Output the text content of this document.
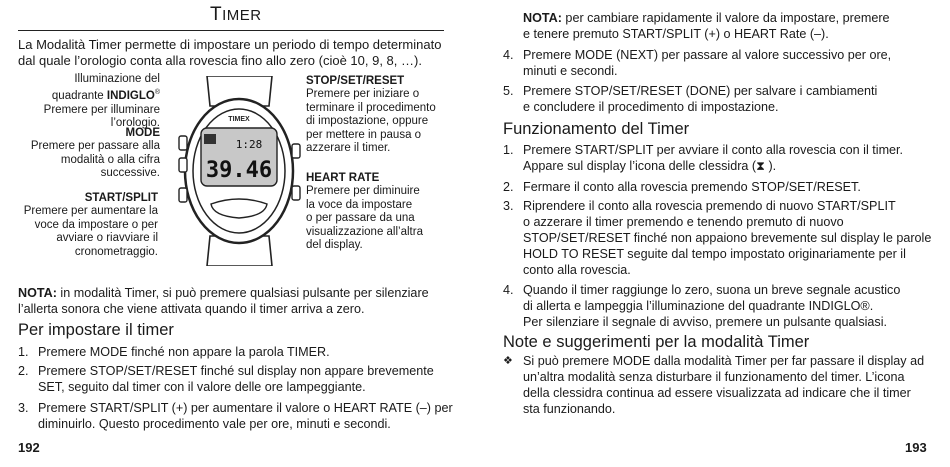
TIMER
La Modalità Timer permette di impostare un periodo di tempo determinato
dal quale l’orologio conta alla rovescia fino allo zero (cioè 10, 9, 8, …).
Illuminazione del
quadrante INDIGLO®
Premere per illuminare
l’orologio.
MODE
Premere per passare alla
modalità o alla cifra
successive.
START/SPLIT
Premere per aumentare la
voce da impostare o per
avviare o riavviare il
cronometraggio.
STOP/SET/RESET
Premere per iniziare o
terminare il procedimento
di impostazione, oppure
per mettere in pausa o
azzerare il timer.
HEART RATE
Premere per diminuire
la voce da impostare
o per passare da una
visualizzazione all’altra
del display.
TIMEX
1:28
39.46
NOTA: in modalità Timer, si può premere qualsiasi pulsante per silenziare
l’allerta sonora che viene attivata quando il timer arriva a zero.
Per impostare il timer
1. Premere MODE finché non appare la parola TIMER.
2. Premere STOP/SET/RESET finché sul display non appare brevemente
SET, seguito dal timer con il valore delle ore lampeggiante.
3. Premere START/SPLIT (+) per aumentare il valore o HEART RATE (–) per
diminuirlo. Questo procedimento vale per ore, minuti e secondi.
192
NOTA: per cambiare rapidamente il valore da impostare, premere
e tenere premuto START/SPLIT (+) o HEART Rate (–).
4. Premere MODE (NEXT) per passare al valore successivo per ore,
minuti e secondi.
5. Premere STOP/SET/RESET (DONE) per salvare i cambiamenti
e concludere il procedimento di impostazione.
Funzionamento del Timer
1. Premere START/SPLIT per avviare il conto alla rovescia con il timer.
Appare sul display l’icona delle clessidra (⧗ ).
2. Fermare il conto alla rovescia premendo STOP/SET/RESET.
3. Riprendere il conto alla rovescia premendo di nuovo START/SPLIT
o azzerare il timer premendo e tenendo premuto di nuovo
STOP/SET/RESET finché non appaiono brevemente sul display le parole
HOLD TO RESET seguite dal tempo impostato originariamente per il
conto alla rovescia.
4. Quando il timer raggiunge lo zero, suona un breve segnale acustico
di allerta e lampeggia l’illuminazione del quadrante INDIGLO®.
Per silenziare il segnale di avviso, premere un pulsante qualsiasi.
Note e suggerimenti per la modalità Timer
❖ Si può premere MODE dalla modalità Timer per far passare il display ad
un’altra modalità senza disturbare il funzionamento del timer. L’icona
della clessidra continua ad essere visualizzata ad indicare che il timer
sta funzionando.
193
